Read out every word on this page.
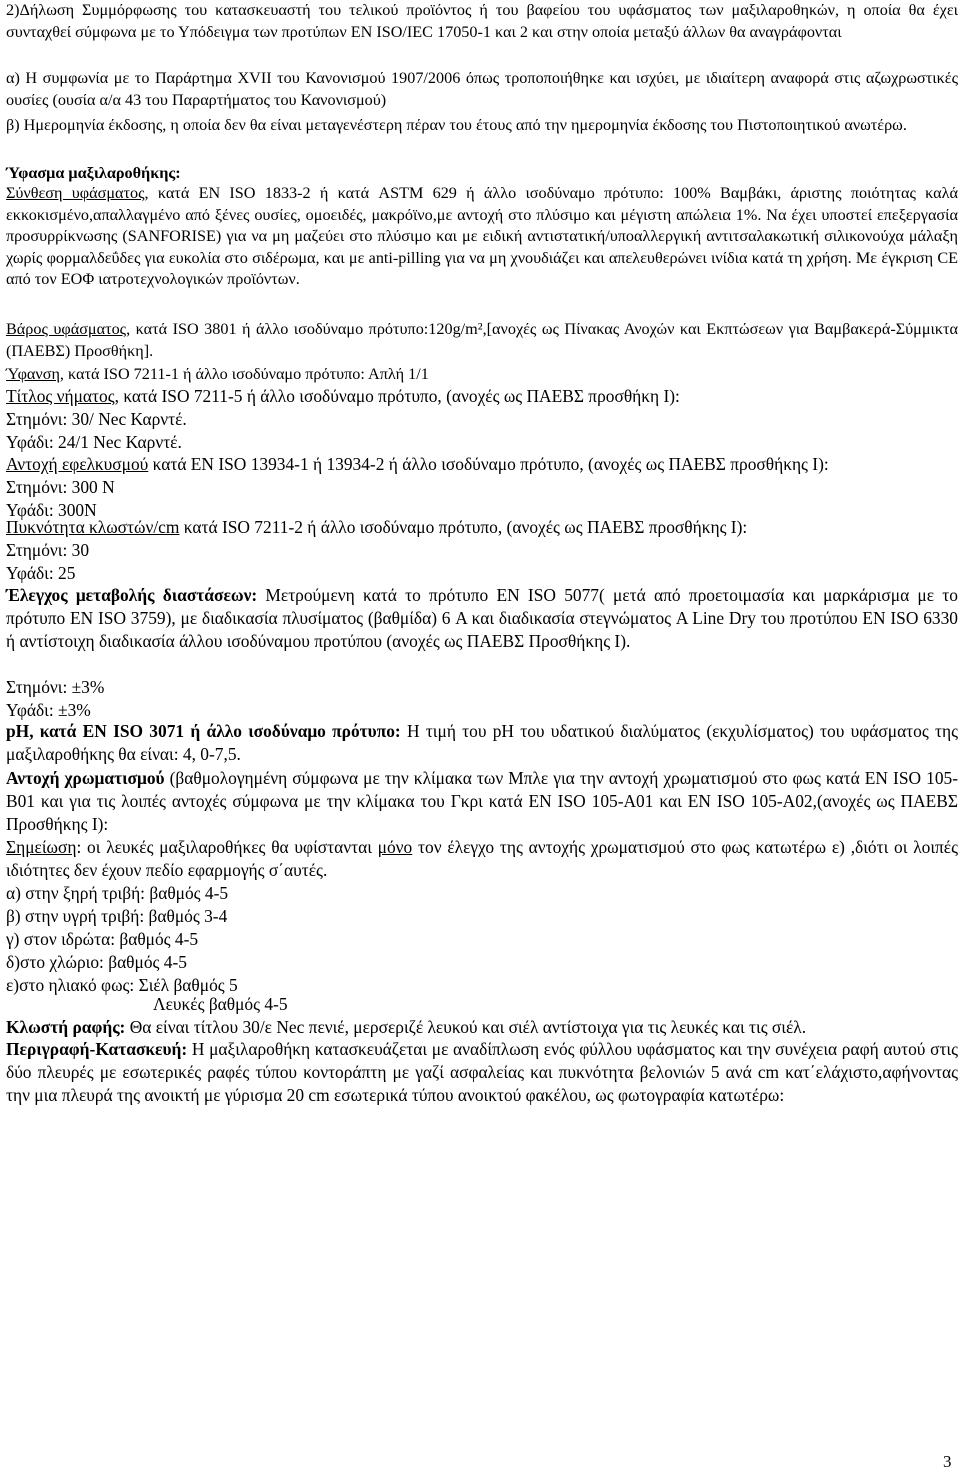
2)Δήλωση Συμμόρφωσης του κατασκευαστή του τελικού προϊόντος ή του βαφείου του υφάσματος των μαξιλαροθηκών, η οποία θα έχει συνταχθεί σύμφωνα με το Υπόδειγμα των προτύπων EN ISO/IEC 17050-1 και 2 και στην οποία μεταξύ άλλων θα αναγράφονται

α) Η συμφωνία με το Παράρτημα XVII του Κανονισμού 1907/2006 όπως τροποποιήθηκε και ισχύει, με ιδιαίτερη αναφορά στις αζωχρωστικές ουσίες (ουσία α/α 43 του Παραρτήματος του Κανονισμού)

β) Ημερομηνία έκδοσης, η οποία δεν θα είναι μεταγενέστερη πέραν του έτους από την ημερομηνία έκδοσης του Πιστοποιητικού ανωτέρω.

Ύφασμα μαξιλαροθήκης:

Σύνθεση υφάσματος, κατά EN ISO 1833-2 ή κατά ASTM 629 ή άλλο ισοδύναμο πρότυπο: 100% Βαμβάκι, άριστης ποιότητας καλά εκκοκισμένο,απαλλαγμένο από ξένες ουσίες, ομοειδές, μακρόϊνο,με αντοχή στο πλύσιμο και μέγιστη απώλεια 1%. Να έχει υποστεί επεξεργασία προσυρρίκνωσης (SANFORISE) για να μη μαζεύει στο πλύσιμο και με ειδική αντιστατική/υποαλλεργική αντιτσαλακωτική σιλικονούχα μάλαξη χωρίς φορμαλδεΰδες για ευκολία στο σιδέρωμα, και με anti-pilling για να μη χνουδιάζει και απελευθερώνει ινίδια κατά τη χρήση. Με έγκριση CE από τον ΕΟΦ ιατροτεχνολογικών προϊόντων.

Βάρος υφάσματος, κατά ISO 3801 ή άλλο ισοδύναμο πρότυπο:120g/m²,[ανοχές ως Πίνακας Ανοχών και Εκπτώσεων για Βαμβακερά-Σύμμικτα (ΠΑΕΒΣ) Προσθήκη].

Ύφανση, κατά ISO 7211-1 ή άλλο ισοδύναμο πρότυπο: Απλή 1/1

Τίτλος νήματος, κατά ISO 7211-5 ή άλλο ισοδύναμο πρότυπο, (ανοχές ως ΠΑΕΒΣ προσθήκη Ι):
Στημόνι: 30/ Nec Καρντέ.
Υφάδι: 24/1 Nec Καρντέ.

Αντοχή εφελκυσμού κατά EN ISO 13934-1 ή 13934-2 ή άλλο ισοδύναμο πρότυπο, (ανοχές ως ΠΑΕΒΣ προσθήκης Ι):
Στημόνι: 300 N
Υφάδι: 300N

Πυκνότητα κλωστών/cm κατά ISO 7211-2 ή άλλο ισοδύναμο πρότυπο, (ανοχές ως ΠΑΕΒΣ προσθήκης Ι):
Στημόνι: 30
Υφάδι: 25

Έλεγχος μεταβολής διαστάσεων: Μετρούμενη κατά το πρότυπο EN ISO 5077( μετά από προετοιμασία και μαρκάρισμα με το πρότυπο EN ISO 3759), με διαδικασία πλυσίματος (βαθμίδα) 6 A και διαδικασία στεγνώματος A Line Dry του προτύπου EN ISO 6330 ή αντίστοιχη διαδικασία άλλου ισοδύναμου προτύπου (ανοχές ως ΠΑΕΒΣ Προσθήκης Ι).

Στημόνι: ±3%
Υφάδι: ±3%

pH, κατά EN ISO 3071 ή άλλο ισοδύναμο πρότυπο: Η τιμή του pH του υδατικού διαλύματος (εκχυλίσματος) του υφάσματος της μαξιλαροθήκης θα είναι: 4, 0-7,5.

Αντοχή χρωματισμού (βαθμολογημένη σύμφωνα με την κλίμακα των Μπλε για την αντοχή χρωματισμού στο φως κατά EN ISO 105-B01 και για τις λοιπές αντοχές σύμφωνα με την κλίμακα του Γκρι κατά EN ISO 105-A01 και EN ISO 105-A02,(ανοχές ως ΠΑΕΒΣ Προσθήκης Ι):

Σημείωση: οι λευκές μαξιλαροθήκες θα υφίστανται μόνο τον έλεγχο της αντοχής χρωματισμού στο φως κατωτέρω ε) ,διότι οι λοιπές ιδιότητες δεν έχουν πεδίο εφαρμογής σ΄αυτές.

α) στην ξηρή τριβή: βαθμός 4-5
β) στην υγρή τριβή: βαθμός 3-4
γ) στον ιδρώτα: βαθμός 4-5
δ)στο χλώριο: βαθμός 4-5
ε)στο ηλιακό φως: Σιέλ βαθμός 5

Λευκές βαθμός 4-5

Κλωστή ραφής: Θα είναι τίτλου 30/ε Nec πενιέ, μερσεριζέ λευκού και σιέλ αντίστοιχα για τις λευκές και τις σιέλ.

Περιγραφή-Κατασκευή: Η μαξιλαροθήκη κατασκευάζεται με αναδίπλωση ενός φύλλου υφάσματος και την συνέχεια ραφή αυτού στις δύο πλευρές με εσωτερικές ραφές τύπου κοντοράπτη με γαζί ασφαλείας και πυκνότητα βελονιών 5 ανά cm κατ΄ελάχιστο,αφήνοντας την μια πλευρά της ανοικτή με γύρισμα 20 cm εσωτερικά τύπου ανοικτού φακέλου, ως φωτογραφία κατωτέρω:

3
